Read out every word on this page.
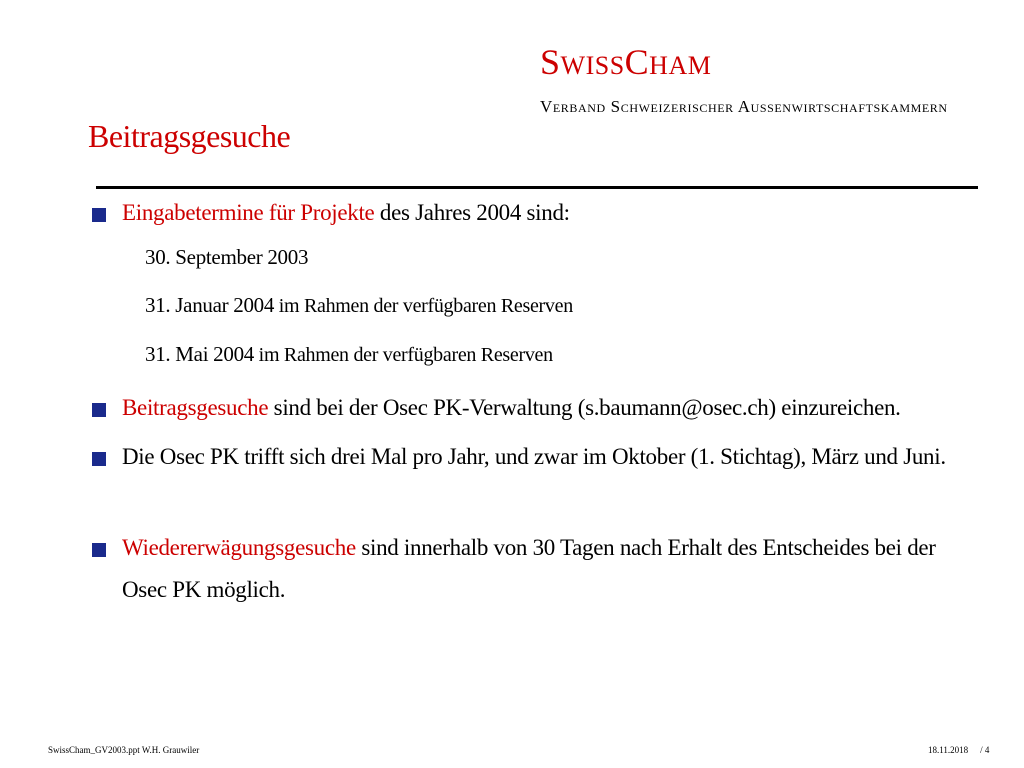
SWISSCHAM
Verband Schweizerischer Aussenwirtschaftskammern
Beitragsgesuche
Eingabetermine für Projekte des Jahres 2004 sind:
30. September 2003
31. Januar 2004 im Rahmen der verfügbaren Reserven
31. Mai 2004 im Rahmen der verfügbaren Reserven
Beitragsgesuche sind bei der Osec PK-Verwaltung (s.baumann@osec.ch) einzureichen.
Die Osec PK trifft sich drei Mal pro Jahr, und zwar im Oktober (1. Stichtag), März und Juni.
Wiedererwägungsgesuche sind innerhalb von 30 Tagen nach Erhalt des Entscheides bei der Osec PK möglich.
SwissCham_GV2003.ppt W.H. Grauwiler	18.11.2018 / 4
